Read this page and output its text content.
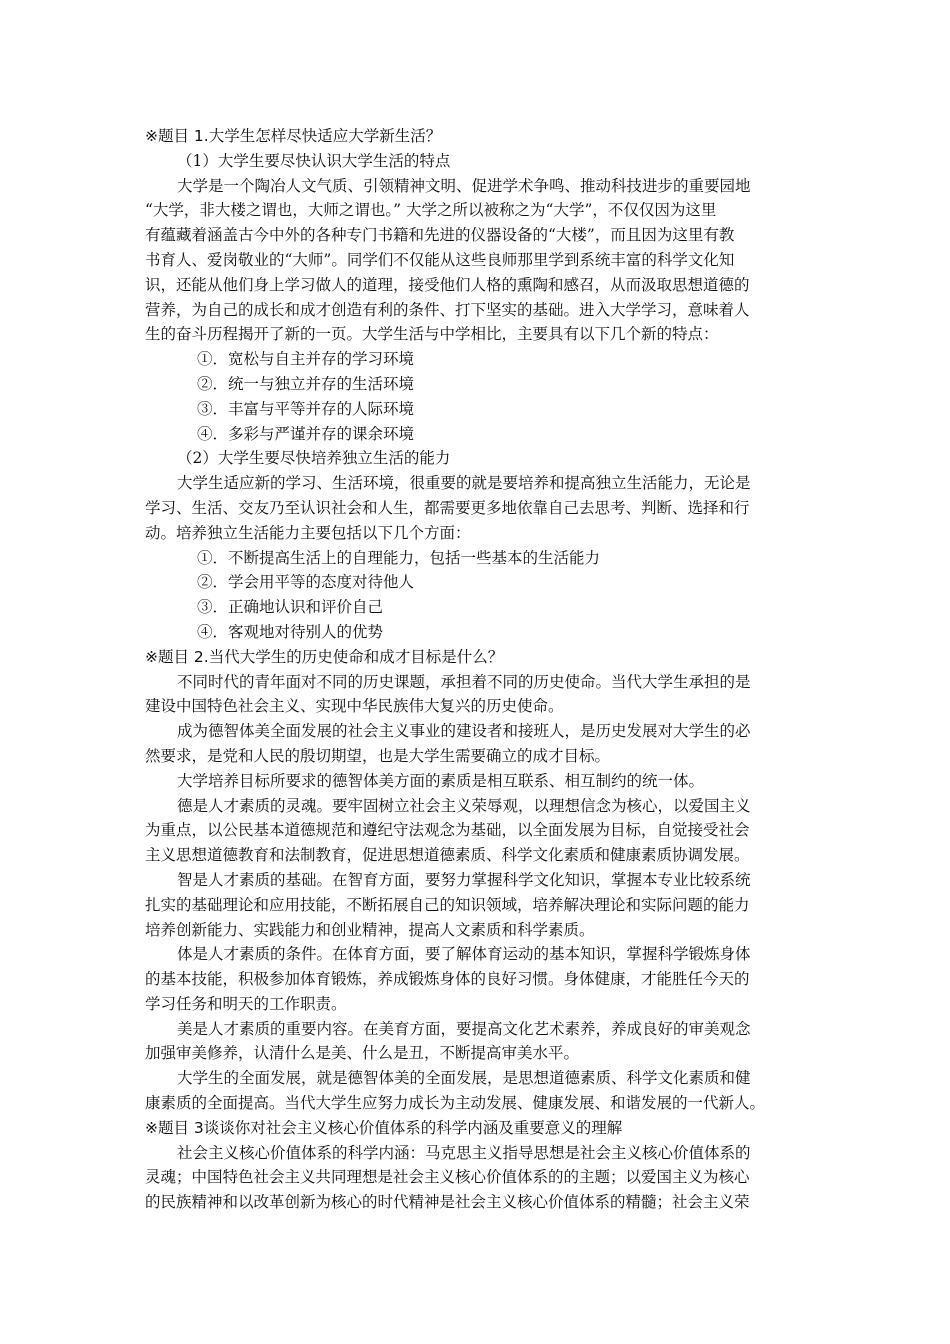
※题目 1.大学生怎样尽快适应大学新生活？
（1）大学生要尽快认识大学生活的特点
大学是一个陶冶人文气质、引领精神文明、促进学术争鸣、推动科技进步的重要园地
“大学，非大楼之谓也，大师之谓也。” 大学之所以被称之为“大学”，不仅仅因为这里
有蕴藏着涵盖古今中外的各种专门书籍和先进的仪器设备的“大楼”，而且因为这里有教
书育人、爱岗敬业的“大师”。同学们不仅能从这些良师那里学到系统丰富的科学文化知
识，还能从他们身上学习做人的道理，接受他们人格的熏陶和感召，从而汲取思想道德的
营养，为自己的成长和成才创造有利的条件、打下坚实的基础。进入大学学习，意味着人
生的奋斗历程揭开了新的一页。大学生活与中学相比，主要具有以下几个新的特点：
①．宽松与自主并存的学习环境
②．统一与独立并存的生活环境
③．丰富与平等并存的人际环境
④．多彩与严谨并存的课余环境
（2）大学生要尽快培养独立生活的能力
大学生适应新的学习、生活环境，很重要的就是要培养和提高独立生活能力，无论是
学习、生活、交友乃至认识社会和人生，都需要更多地依靠自己去思考、判断、选择和行
动。培养独立生活能力主要包括以下几个方面：
①．不断提高生活上的自理能力，包括一些基本的生活能力
②．学会用平等的态度对待他人
③．正确地认识和评价自己
④．客观地对待别人的优势
※题目 2.当代大学生的历史使命和成才目标是什么？
不同时代的青年面对不同的历史课题，承担着不同的历史使命。当代大学生承担的是
建设中国特色社会主义、实现中华民族伟大复兴的历史使命。
成为德智体美全面发展的社会主义事业的建设者和接班人，是历史发展对大学生的必
然要求，是党和人民的殷切期望，也是大学生需要确立的成才目标。
大学培养目标所要求的德智体美方面的素质是相互联系、相互制约的统一体。
德是人才素质的灵魂。要牢固树立社会主义荣辱观，以理想信念为核心，以爱国主义
为重点，以公民基本道德规范和遵纪守法观念为基础，以全面发展为目标，自觉接受社会
主义思想道德教育和法制教育，促进思想道德素质、科学文化素质和健康素质协调发展。
智是人才素质的基础。在智育方面，要努力掌握科学文化知识，掌握本专业比较系统
扎实的基础理论和应用技能，不断拓展自己的知识领域，培养解决理论和实际问题的能力
培养创新能力、实践能力和创业精神，提高人文素质和科学素质。
体是人才素质的条件。在体育方面，要了解体育运动的基本知识，掌握科学锻炼身体
的基本技能，积极参加体育锻炼，养成锻炼身体的良好习惯。身体健康，才能胜任今天的
学习任务和明天的工作职责。
美是人才素质的重要内容。在美育方面，要提高文化艺术素养，养成良好的审美观念
加强审美修养，认清什么是美、什么是丑，不断提高审美水平。
大学生的全面发展，就是德智体美的全面发展，是思想道德素质、科学文化素质和健
康素质的全面提高。当代大学生应努力成长为主动发展、健康发展、和谐发展的一代新人。
※题目 3谈谈你对社会主义核心价值体系的科学内涵及重要意义的理解
社会主义核心价值体系的科学内涵：马克思主义指导思想是社会主义核心价值体系的
灵魂；中国特色社会主义共同理想是社会主义核心价值体系的的主题；以爱国主义为核心
的民族精神和以改革创新为核心的时代精神是社会主义核心价值体系的精髓；社会主义荣
